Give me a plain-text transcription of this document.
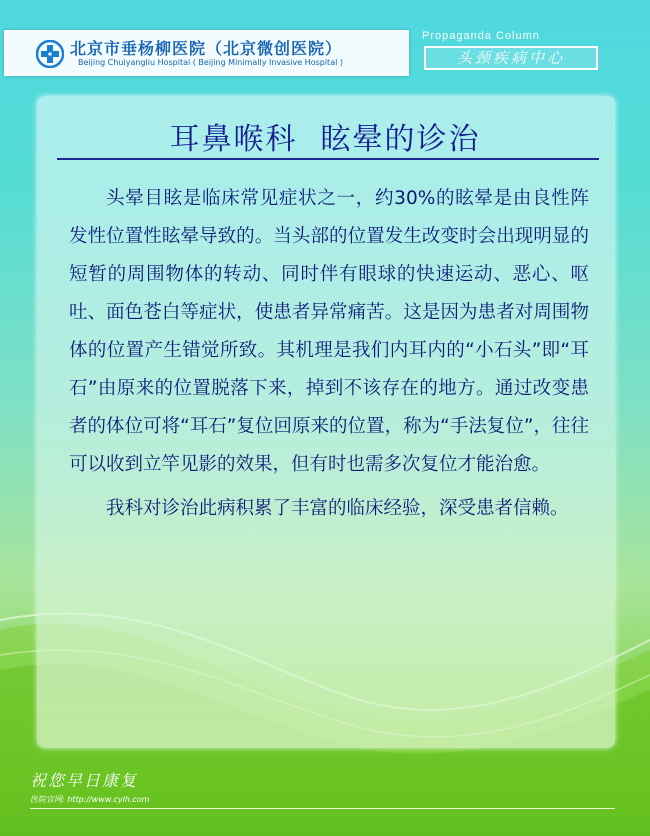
北京市垂杨柳医院（北京微创医院）
Beijing Chuiyangliu Hospital ( Beijing Minimally Invasive Hospital )
Propaganda Column
头颈疾病中心
耳鼻喉科  眩晕的诊治

头晕目眩是临床常见症状之一，约30%的眩晕是由良性阵发性位置性眩晕导致的。当头部的位置发生改变时会出现明显的短暂的周围物体的转动、同时伴有眼球的快速运动、恶心、呕吐、面色苍白等症状，使患者异常痛苦。这是因为患者对周围物体的位置产生错觉所致。其机理是我们内耳内的“小石头”即“耳石”由原来的位置脱落下来，掉到不该存在的地方。通过改变患者的体位可将“耳石”复位回原来的位置，称为“手法复位”，往往可以收到立竿见影的效果，但有时也需多次复位才能治愈。

我科对诊治此病积累了丰富的临床经验，深受患者信赖。

祝您早日康复
医院官网: http://www.cylh.com
